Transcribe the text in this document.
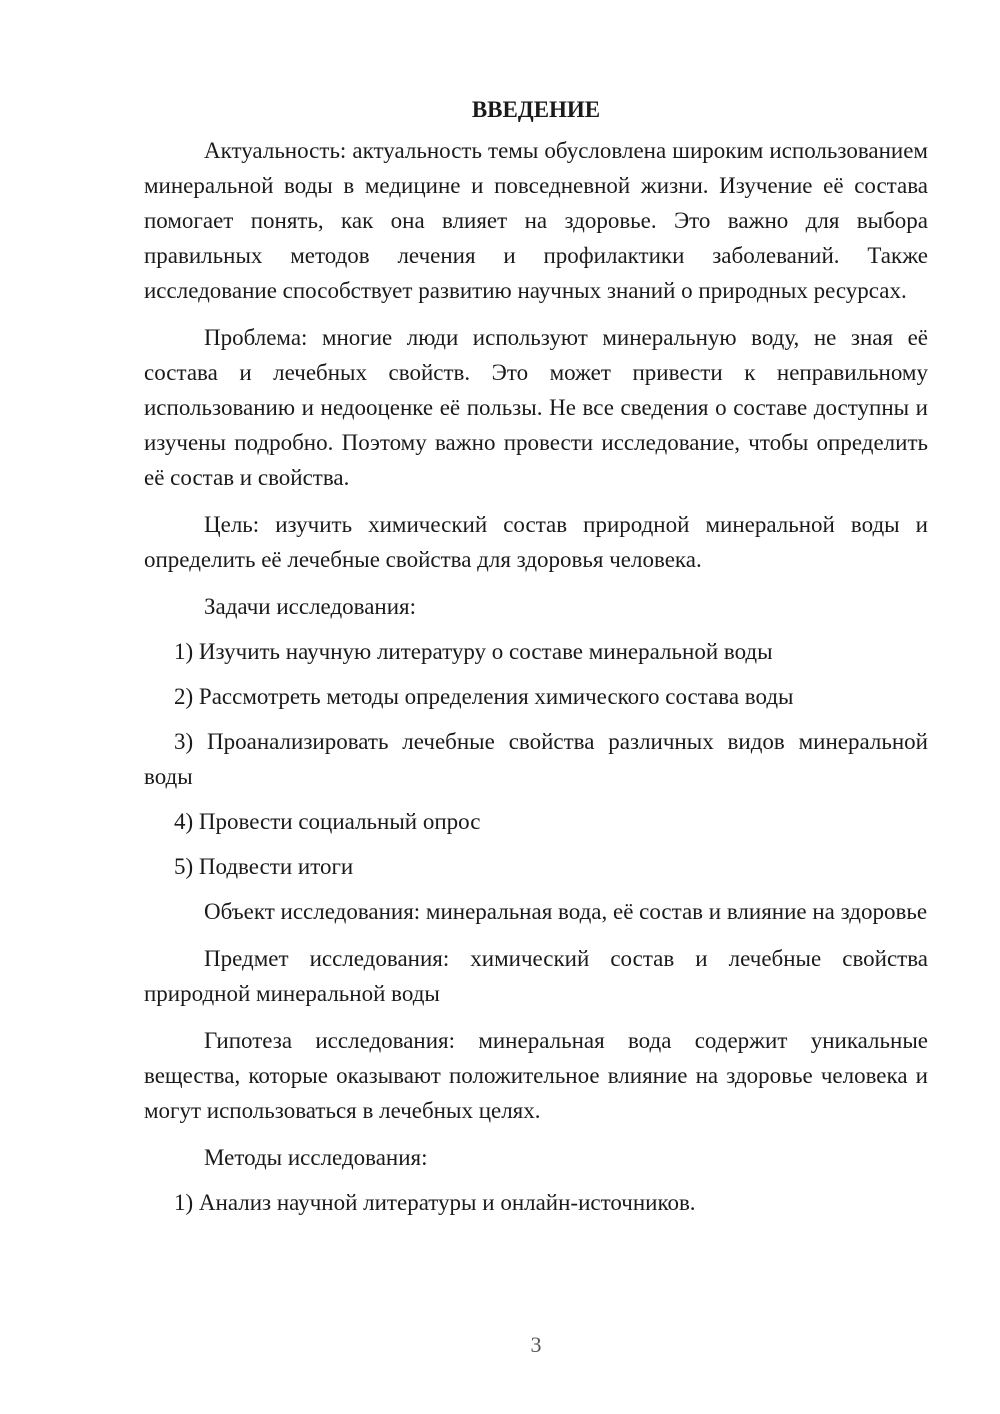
ВВЕДЕНИЕ

Актуальность: актуальность темы обусловлена широким использованием минеральной воды в медицине и повседневной жизни. Изучение её состава помогает понять, как она влияет на здоровье. Это важно для выбора правильных методов лечения и профилактики заболеваний. Также исследование способствует развитию научных знаний о природных ресурсах.

Проблема: многие люди используют минеральную воду, не зная её состава и лечебных свойств. Это может привести к неправильному использованию и недооценке её пользы. Не все сведения о составе доступны и изучены подробно. Поэтому важно провести исследование, чтобы определить её состав и свойства.

Цель: изучить химический состав природной минеральной воды и определить её лечебные свойства для здоровья человека.

Задачи исследования:

1) Изучить научную литературу о составе минеральной воды

2) Рассмотреть методы определения химического состава воды

3) Проанализировать лечебные свойства различных видов минеральной воды

4) Провести социальный опрос

5) Подвести итоги

Объект исследования: минеральная вода, её состав и влияние на здоровье

Предмет исследования: химический состав и лечебные свойства природной минеральной воды

Гипотеза исследования: минеральная вода содержит уникальные вещества, которые оказывают положительное влияние на здоровье человека и могут использоваться в лечебных целях.

Методы исследования:

1) Анализ научной литературы и онлайн-источников.

3
